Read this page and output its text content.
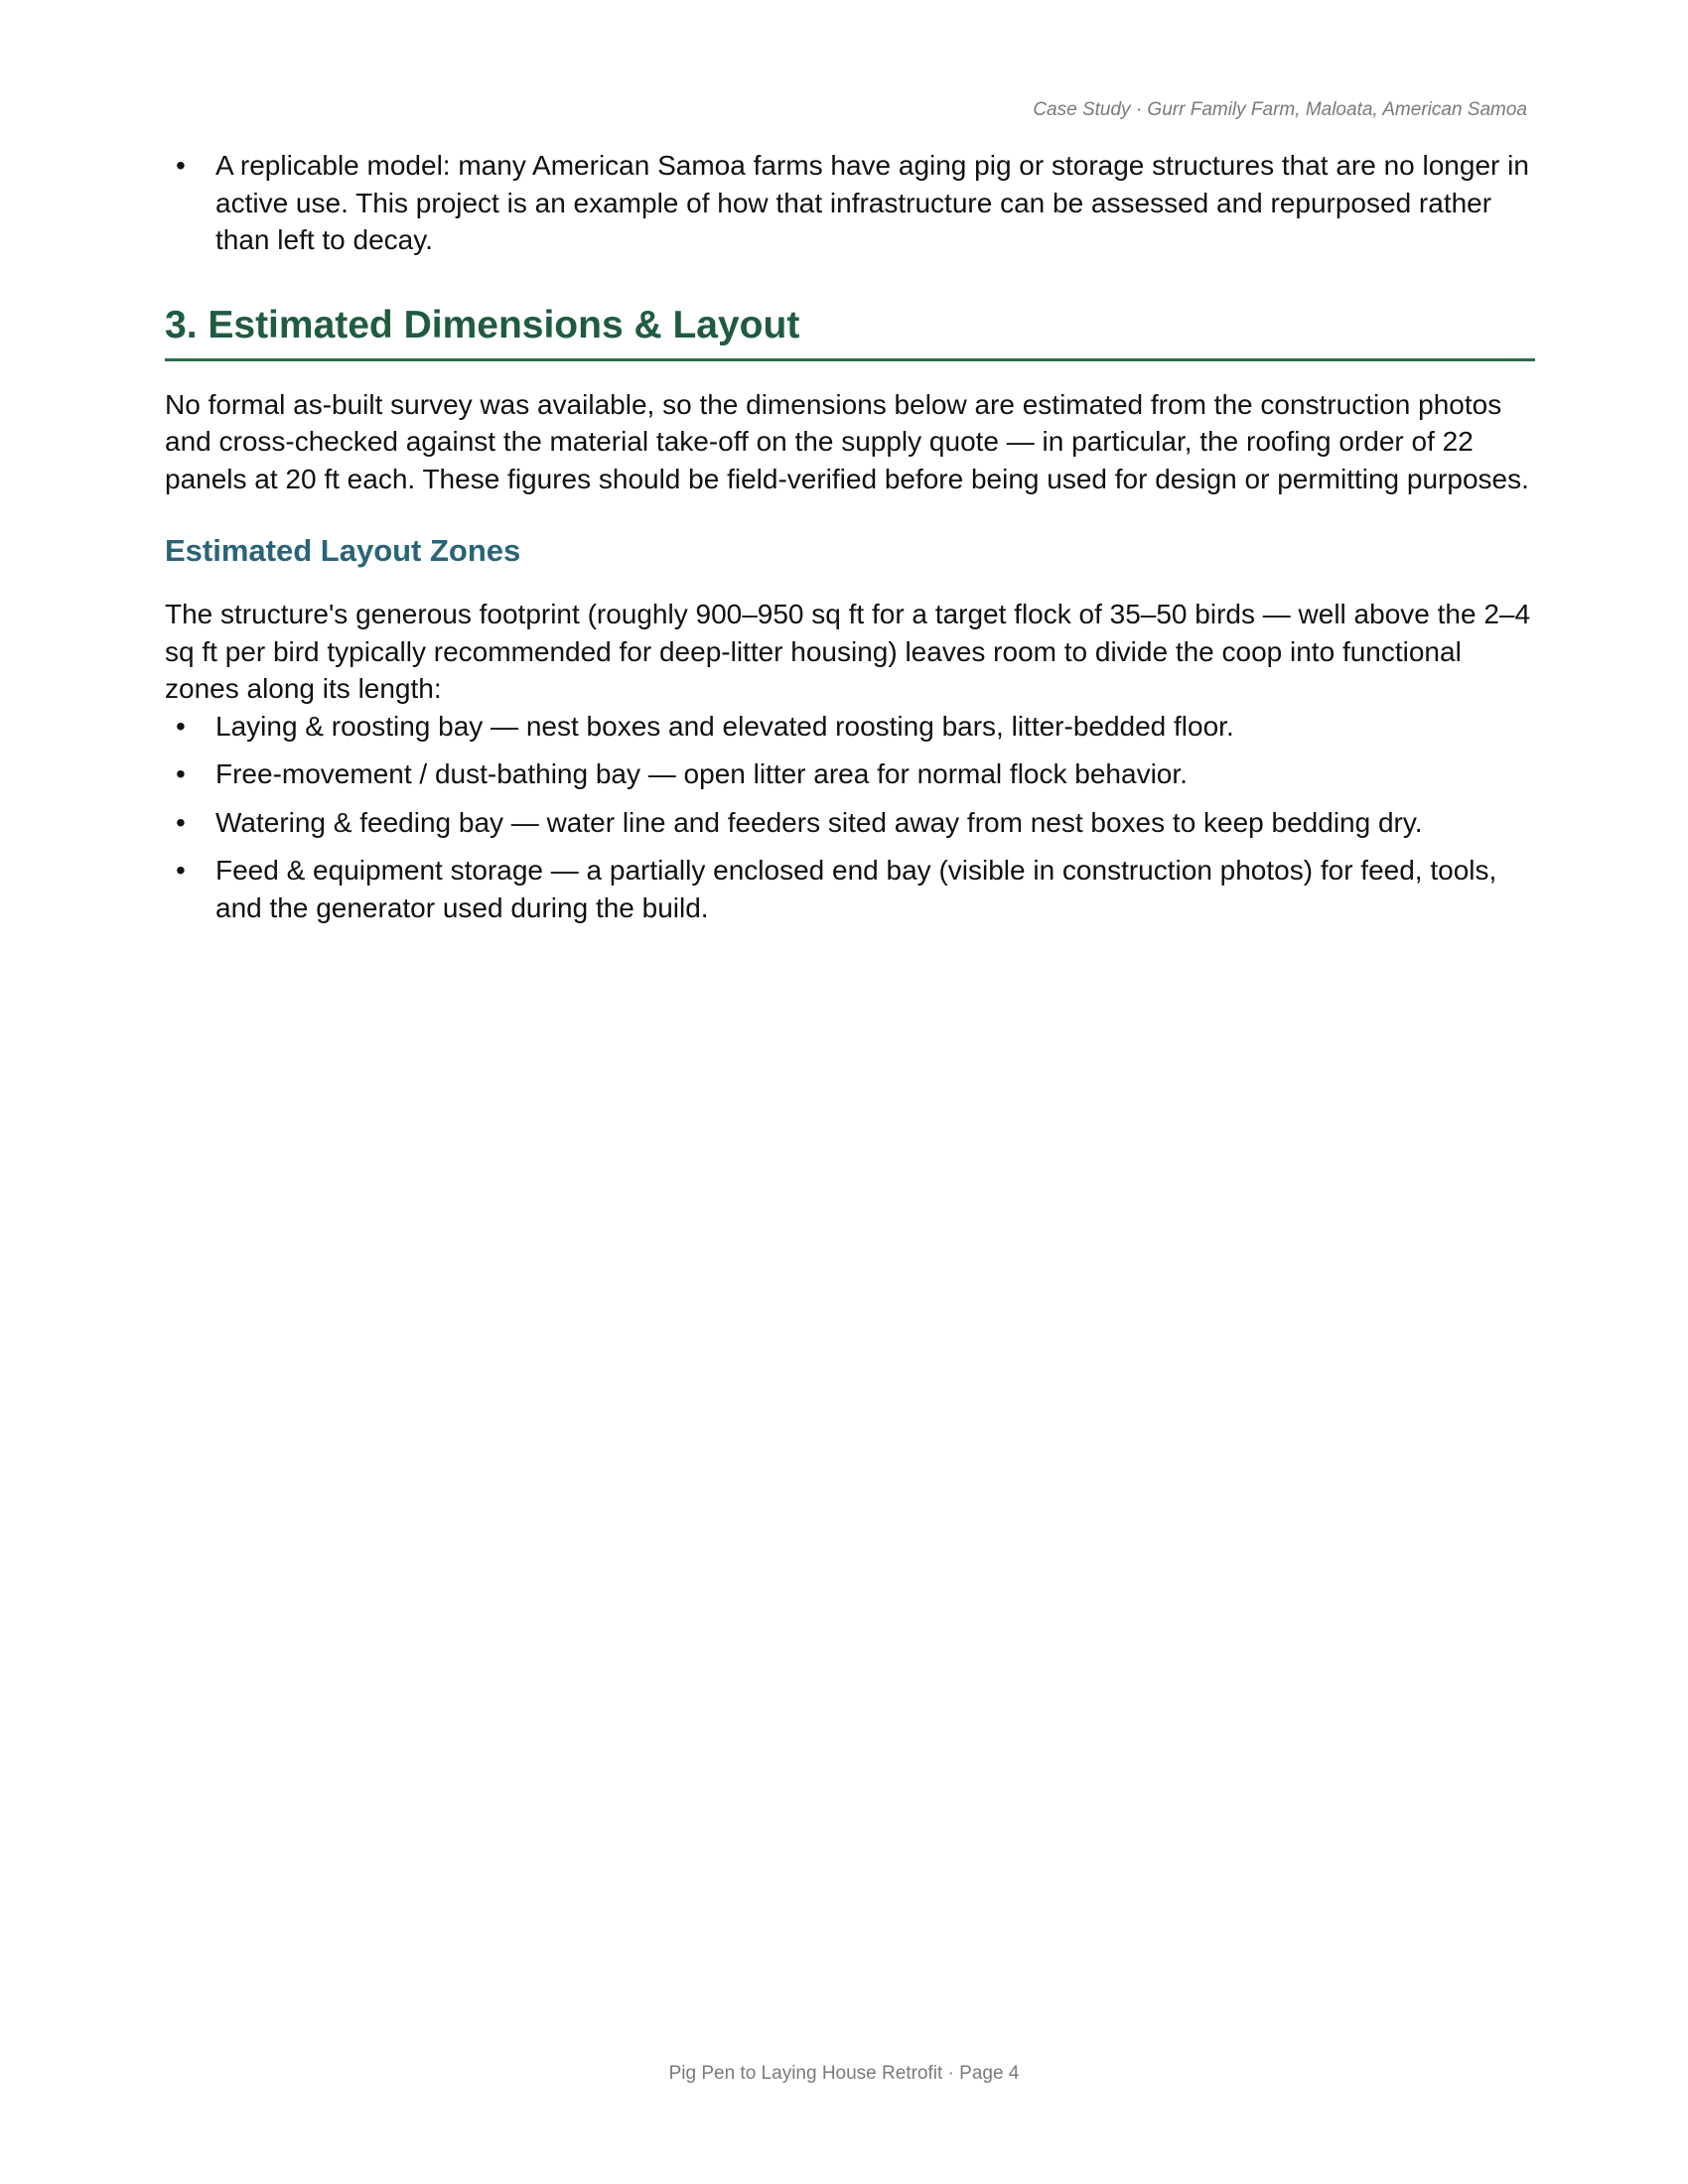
Case Study · Gurr Family Farm, Maloata, American Samoa
• A replicable model: many American Samoa farms have aging pig or storage structures that are no longer in active use. This project is an example of how that infrastructure can be assessed and repurposed rather than left to decay.
3. Estimated Dimensions & Layout

No formal as-built survey was available, so the dimensions below are estimated from the construction photos and cross-checked against the material take-off on the supply quote — in particular, the roofing order of 22 panels at 20 ft each. These figures should be field-verified before being used for design or permitting purposes.

Estimated Layout Zones

The structure's generous footprint (roughly 900–950 sq ft for a target flock of 35–50 birds — well above the 2–4 sq ft per bird typically recommended for deep-litter housing) leaves room to divide the coop into functional zones along its length:

• Laying & roosting bay — nest boxes and elevated roosting bars, litter-bedded floor.
• Free-movement / dust-bathing bay — open litter area for normal flock behavior.
• Watering & feeding bay — water line and feeders sited away from nest boxes to keep bedding dry.
• Feed & equipment storage — a partially enclosed end bay (visible in construction photos) for feed, tools, and the generator used during the build.
Pig Pen to Laying House Retrofit · Page 4
